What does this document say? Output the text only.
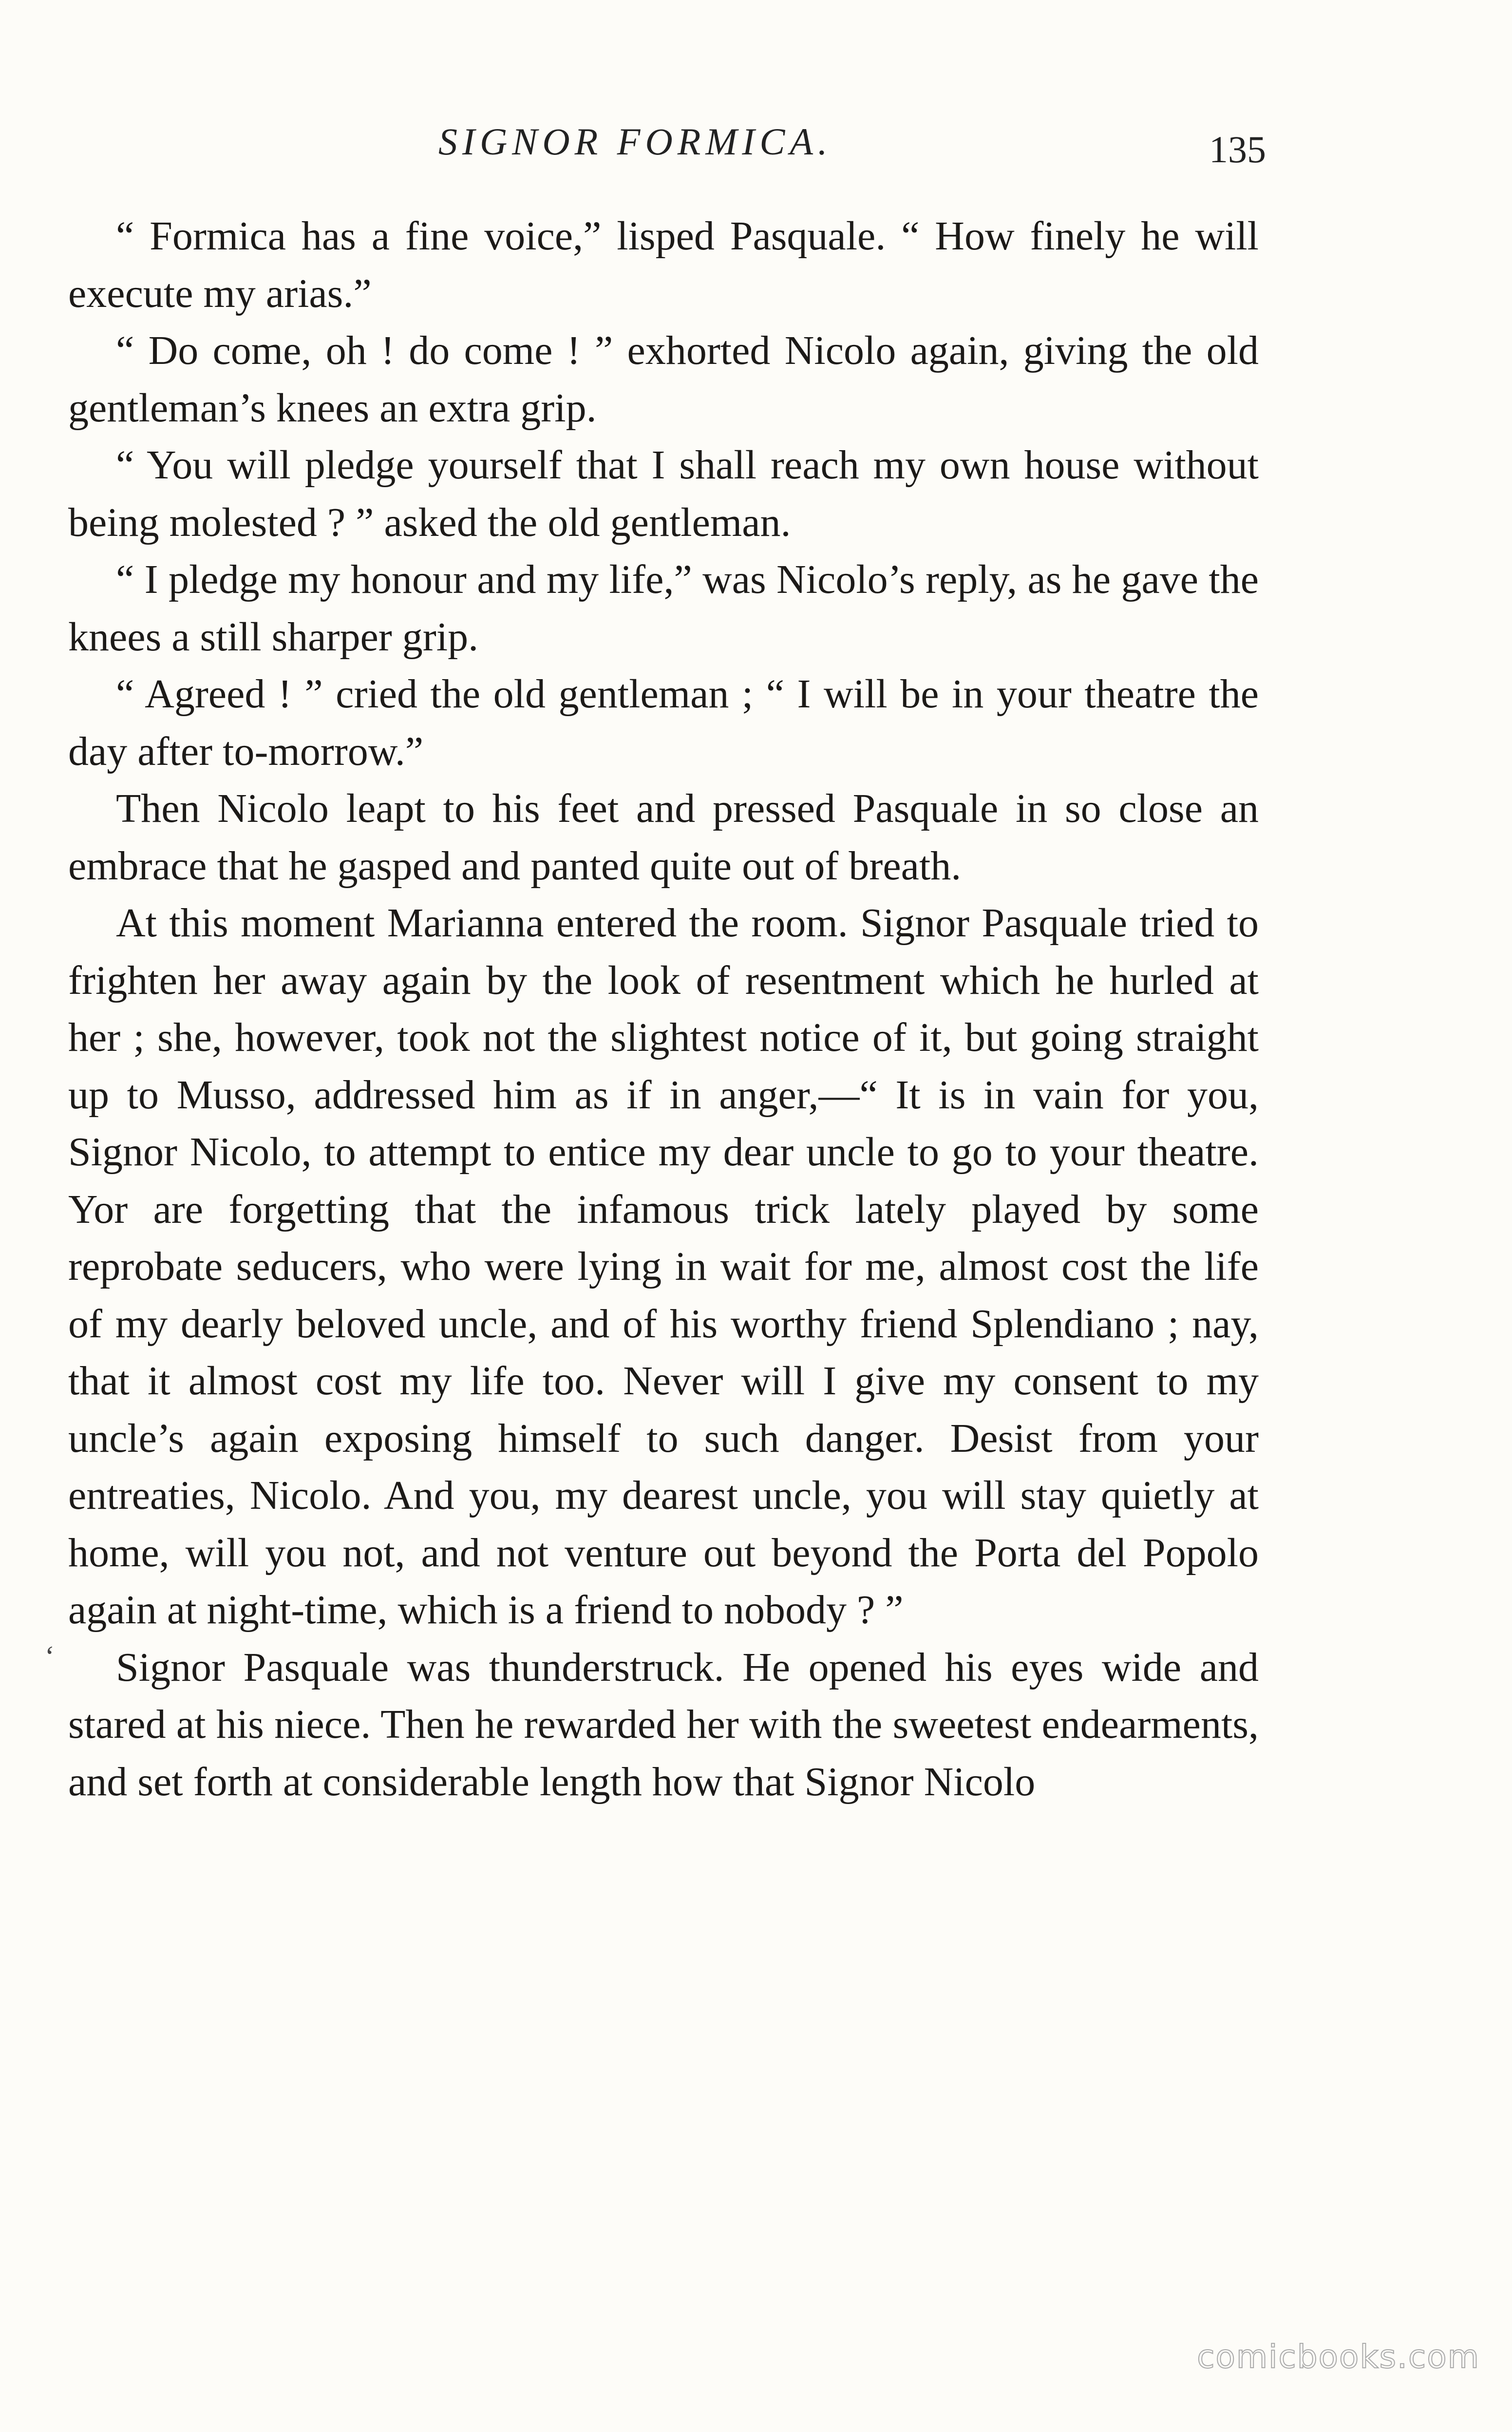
SIGNOR FORMICA.	135

“ Formica has a fine voice,” lisped Pasquale. “ How finely he will execute my arias.”

“ Do come, oh ! do come ! ” exhorted Nicolo again, giving the old gentleman’s knees an extra grip.

“ You will pledge yourself that I shall reach my own house without being molested ? ” asked the old gentleman.

“ I pledge my honour and my life,” was Nicolo’s reply, as he gave the knees a still sharper grip.

“ Agreed ! ” cried the old gentleman ; “ I will be in your theatre the day after to-morrow.”

Then Nicolo leapt to his feet and pressed Pasquale in so close an embrace that he gasped and panted quite out of breath.

At this moment Marianna entered the room. Signor Pasquale tried to frighten her away again by the look of resentment which he hurled at her ; she, however, took not the slightest notice of it, but going straight up to Musso, addressed him as if in anger,—“ It is in vain for you, Signor Nicolo, to attempt to entice my dear uncle to go to your theatre. Yor are forgetting that the infamous trick lately played by some reprobate seducers, who were lying in wait for me, almost cost the life of my dearly beloved uncle, and of his worthy friend Splendiano ; nay, that it almost cost my life too. Never will I give my consent to my uncle’s again exposing himself to such danger. Desist from your entreaties, Nicolo. And you, my dearest uncle, you will stay quietly at home, will you not, and not venture out beyond the Porta del Popolo again at night-time, which is a friend to nobody ? ”

Signor Pasquale was thunderstruck. He opened his eyes wide and stared at his niece. Then he rewarded her with the sweetest endearments, and set forth at considerable length how that Signor Nicolo

‘
comicbooks.com
